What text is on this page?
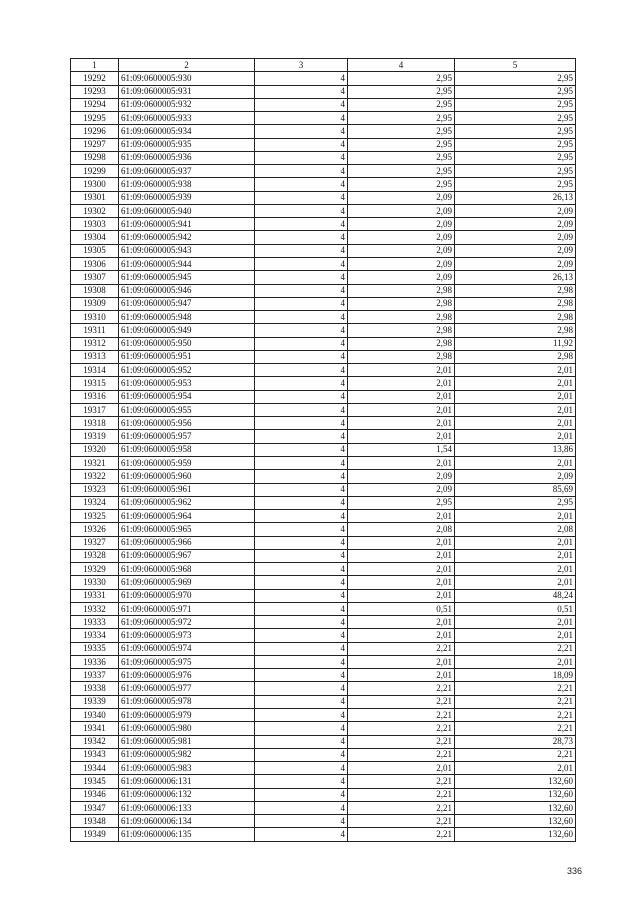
1	2	3	4	5
19292	61:09:0600005:930	4	2,95	2,95
19293	61:09:0600005:931	4	2,95	2,95
19294	61:09:0600005:932	4	2,95	2,95
19295	61:09:0600005:933	4	2,95	2,95
19296	61:09:0600005:934	4	2,95	2,95
19297	61:09:0600005:935	4	2,95	2,95
19298	61:09:0600005:936	4	2,95	2,95
19299	61:09:0600005:937	4	2,95	2,95
19300	61:09:0600005:938	4	2,95	2,95
19301	61:09:0600005:939	4	2,09	26,13
19302	61:09:0600005:940	4	2,09	2,09
19303	61:09:0600005:941	4	2,09	2,09
19304	61:09:0600005:942	4	2,09	2,09
19305	61:09:0600005:943	4	2,09	2,09
19306	61:09:0600005:944	4	2,09	2,09
19307	61:09:0600005:945	4	2,09	26,13
19308	61:09:0600005:946	4	2,98	2,98
19309	61:09:0600005:947	4	2,98	2,98
19310	61:09:0600005:948	4	2,98	2,98
19311	61:09:0600005:949	4	2,98	2,98
19312	61:09:0600005:950	4	2,98	11,92
19313	61:09:0600005:951	4	2,98	2,98
19314	61:09:0600005:952	4	2,01	2,01
19315	61:09:0600005:953	4	2,01	2,01
19316	61:09:0600005:954	4	2,01	2,01
19317	61:09:0600005:955	4	2,01	2,01
19318	61:09:0600005:956	4	2,01	2,01
19319	61:09:0600005:957	4	2,01	2,01
19320	61:09:0600005:958	4	1,54	13,86
19321	61:09:0600005:959	4	2,01	2,01
19322	61:09:0600005:960	4	2,09	2,09
19323	61:09:0600005:961	4	2,09	85,69
19324	61:09:0600005:962	4	2,95	2,95
19325	61:09:0600005:964	4	2,01	2,01
19326	61:09:0600005:965	4	2,08	2,08
19327	61:09:0600005:966	4	2,01	2,01
19328	61:09:0600005:967	4	2,01	2,01
19329	61:09:0600005:968	4	2,01	2,01
19330	61:09:0600005:969	4	2,01	2,01
19331	61:09:0600005:970	4	2,01	48,24
19332	61:09:0600005:971	4	0,51	0,51
19333	61:09:0600005:972	4	2,01	2,01
19334	61:09:0600005:973	4	2,01	2,01
19335	61:09:0600005:974	4	2,21	2,21
19336	61:09:0600005:975	4	2,01	2,01
19337	61:09:0600005:976	4	2,01	18,09
19338	61:09:0600005:977	4	2,21	2,21
19339	61:09:0600005:978	4	2,21	2,21
19340	61:09:0600005:979	4	2,21	2,21
19341	61:09:0600005:980	4	2,21	2,21
19342	61:09:0600005:981	4	2,21	28,73
19343	61:09:0600005:982	4	2,21	2,21
19344	61:09:0600005:983	4	2,01	2,01
19345	61:09:0600006:131	4	2,21	132,60
19346	61:09:0600006:132	4	2,21	132,60
19347	61:09:0600006:133	4	2,21	132,60
19348	61:09:0600006:134	4	2,21	132,60
19349	61:09:0600006:135	4	2,21	132,60
336
